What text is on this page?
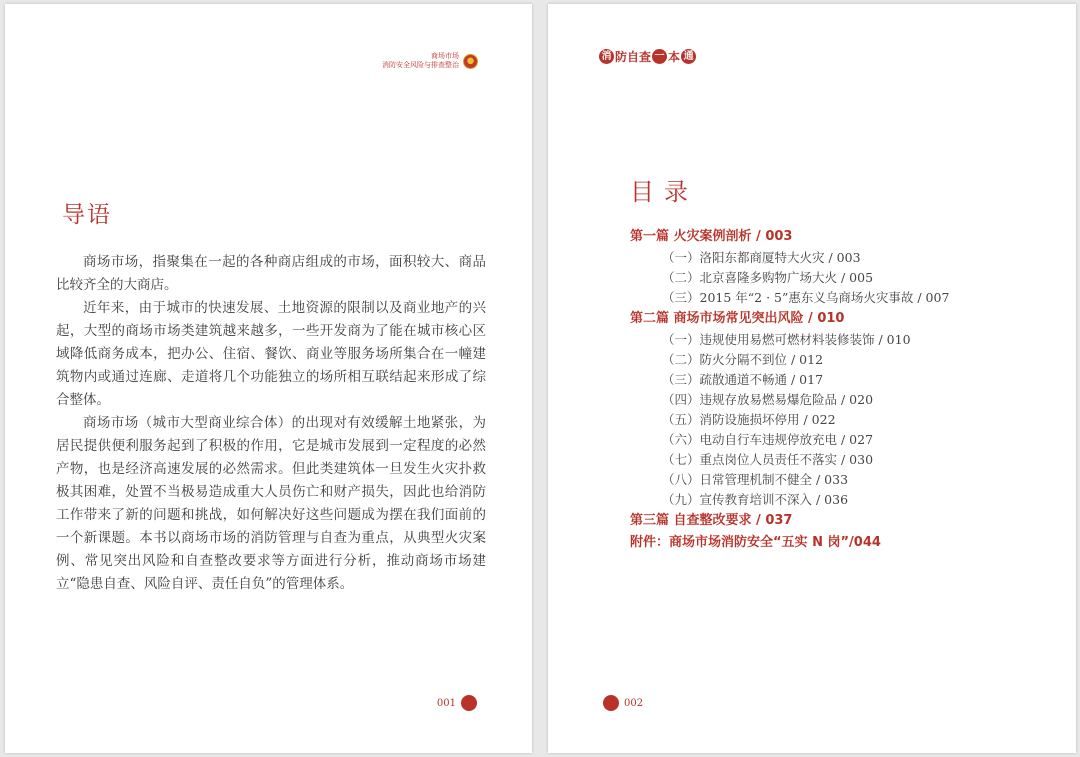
商场市场
消防安全风险与排查整治
导语

商场市场，指聚集在一起的各种商店组成的市场，面积较大、商品比较齐全的大商店。

近年来，由于城市的快速发展、土地资源的限制以及商业地产的兴起，大型的商场市场类建筑越来越多，一些开发商为了能在城市核心区域降低商务成本，把办公、住宿、餐饮、商业等服务场所集合在一幢建筑物内或通过连廊、走道将几个功能独立的场所相互联结起来形成了综合整体。

商场市场（城市大型商业综合体）的出现对有效缓解土地紧张，为居民提供便利服务起到了积极的作用，它是城市发展到一定程度的必然产物，也是经济高速发展的必然需求。但此类建筑体一旦发生火灾扑救极其困难，处置不当极易造成重大人员伤亡和财产损失，因此也给消防工作带来了新的问题和挑战，如何解决好这些问题成为摆在我们面前的一个新课题。本书以商场市场的消防管理与自查为重点，从典型火灾案例、常见突出风险和自查整改要求等方面进行分析，推动商场市场建立“隐患自查、风险自评、责任自负”的管理体系。

001
消 防 自 查 一 本 通
目录
第一篇 火灾案例剖析 / 003
（一）洛阳东都商厦特大火灾 / 003
（二）北京喜隆多购物广场大火 / 005
（三）2015 年“2 · 5”惠东义乌商场火灾事故 / 007
第二篇 商场市场常见突出风险 / 010
（一）违规使用易燃可燃材料装修装饰 / 010
（二）防火分隔不到位 / 012
（三）疏散通道不畅通 / 017
（四）违规存放易燃易爆危险品 / 020
（五）消防设施损坏停用 / 022
（六）电动自行车违规停放充电 / 027
（七）重点岗位人员责任不落实 / 030
（八）日常管理机制不健全 / 033
（九）宣传教育培训不深入 / 036
第三篇 自查整改要求 / 037
附件：商场市场消防安全“五实 N 岗”/044
002
